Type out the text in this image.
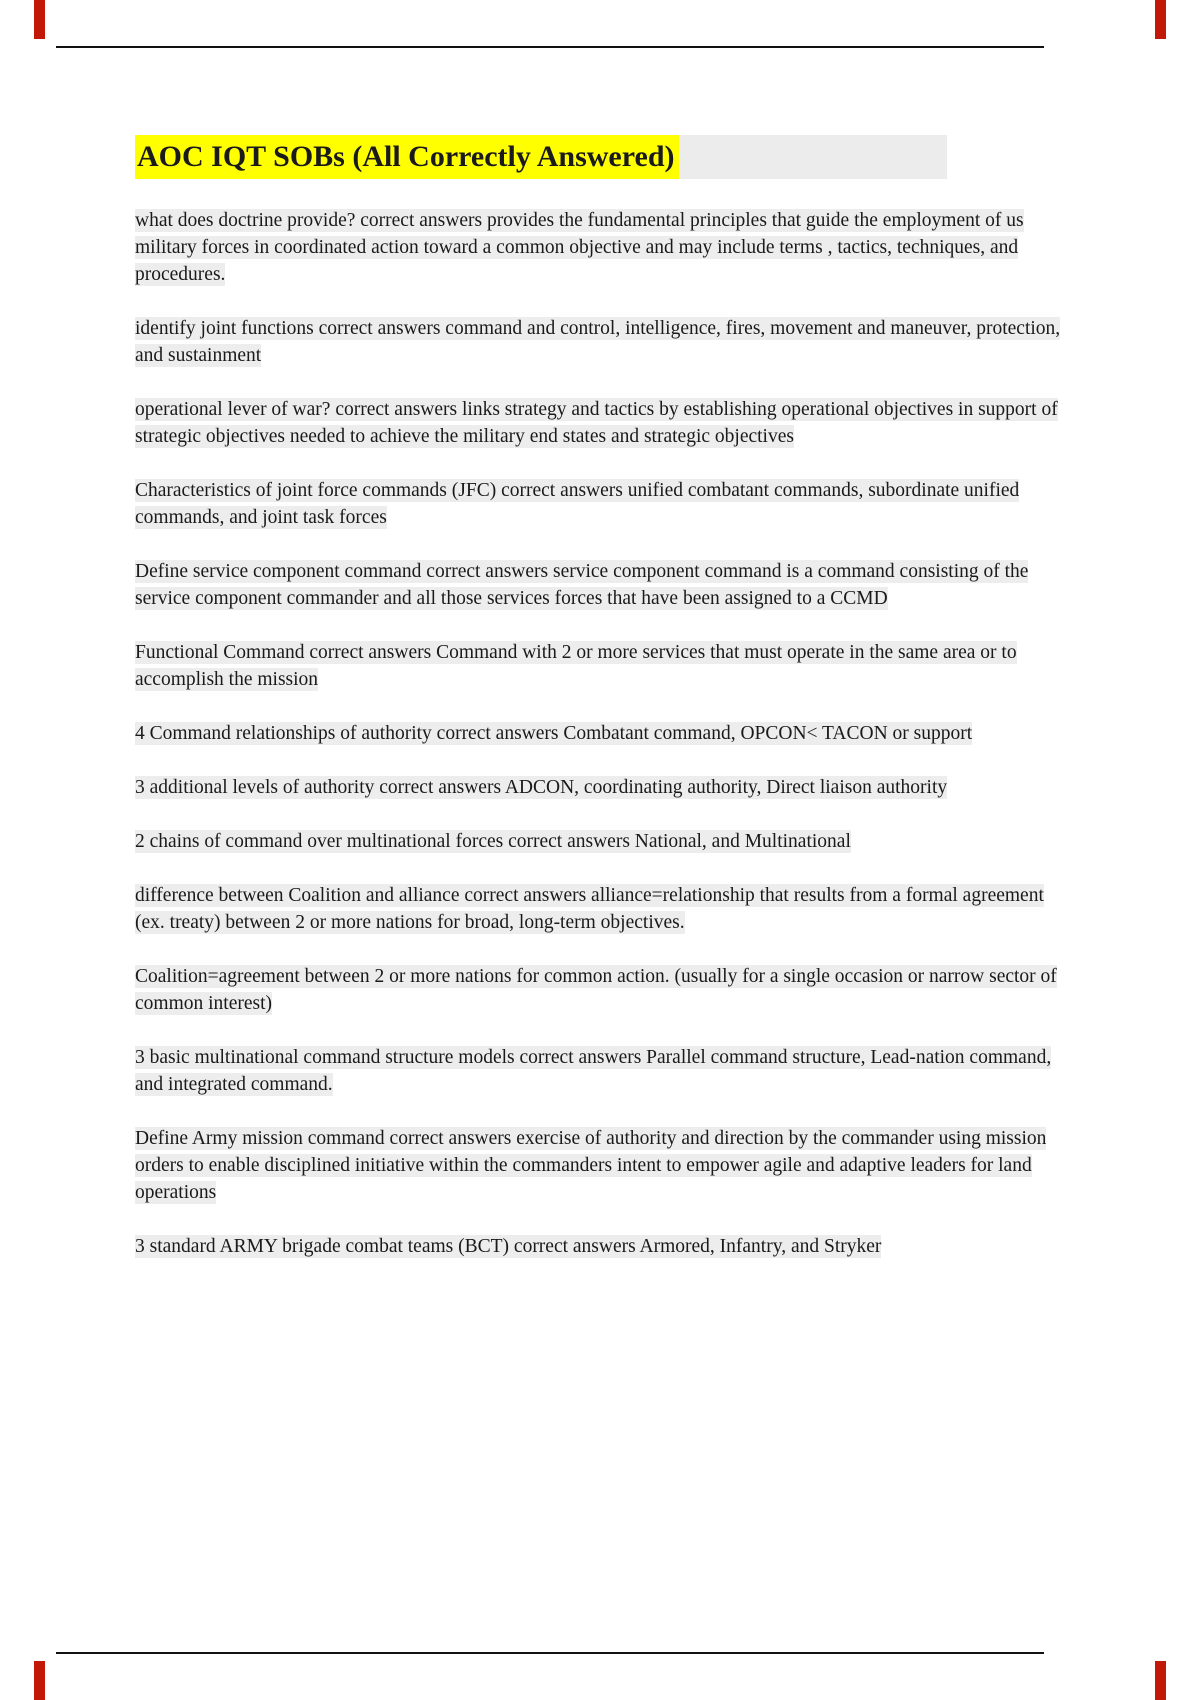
AOC IQT SOBs (All Correctly Answered)

what does doctrine provide? correct answers provides the fundamental principles that guide the employment of us military forces in coordinated action toward a common objective and may include terms , tactics, techniques, and procedures.

identify joint functions correct answers command and control, intelligence, fires, movement and maneuver, protection, and sustainment

operational lever of war? correct answers links strategy and tactics by establishing operational objectives in support of strategic objectives needed to achieve the military end states and strategic objectives

Characteristics of joint force commands (JFC) correct answers unified combatant commands, subordinate unified commands, and joint task forces

Define service component command correct answers service component command is a command consisting of the service component commander and all those services forces that have been assigned to a CCMD

Functional Command correct answers Command with 2 or more services that must operate in the same area or to accomplish the mission

4 Command relationships of authority correct answers Combatant command, OPCON< TACON or support

3 additional levels of authority correct answers ADCON, coordinating authority, Direct liaison authority

2 chains of command over multinational forces correct answers National, and Multinational

difference between Coalition and alliance correct answers alliance=relationship that results from a formal agreement (ex. treaty) between 2 or more nations for broad, long-term objectives.

Coalition=agreement between 2 or more nations for common action. (usually for a single occasion or narrow sector of common interest)

3 basic multinational command structure models correct answers Parallel command structure, Lead-nation command, and integrated command.

Define Army mission command correct answers exercise of authority and direction by the commander using mission orders to enable disciplined initiative within the commanders intent to empower agile and adaptive leaders for land operations

3 standard ARMY brigade combat teams (BCT) correct answers Armored, Infantry, and Stryker
